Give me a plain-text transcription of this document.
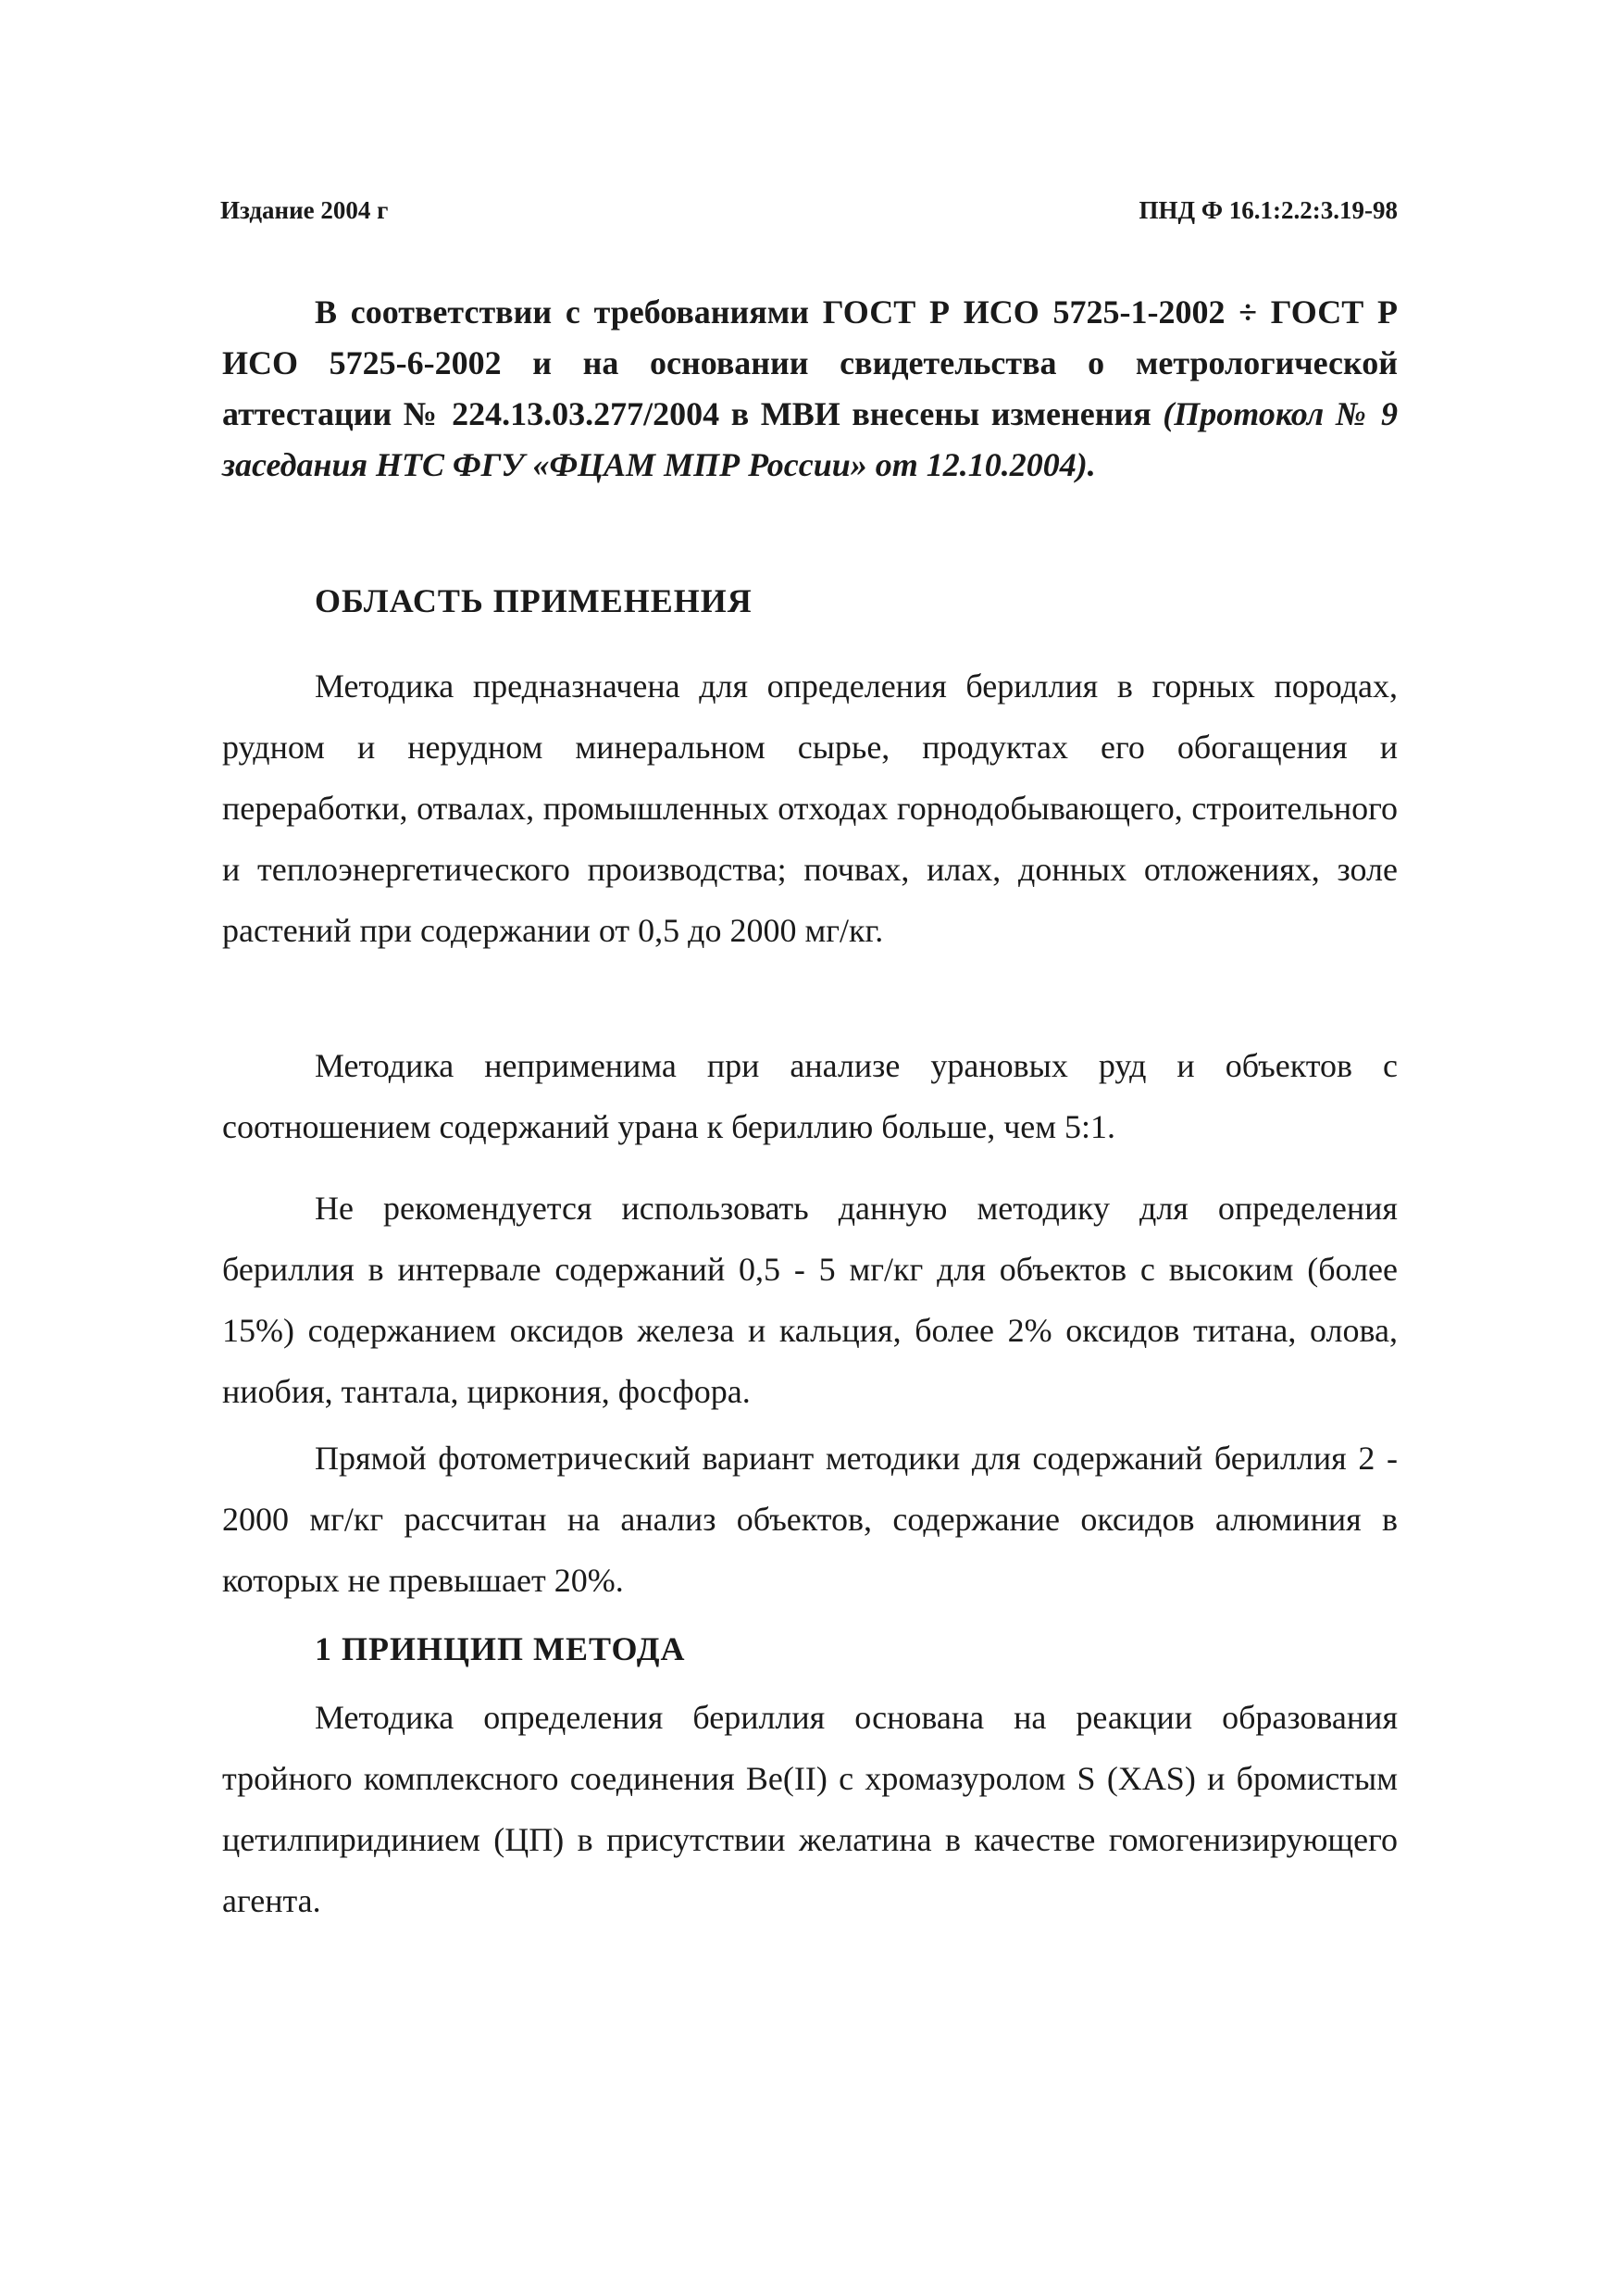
Издание 2004 г	ПНД Ф 16.1:2.2:3.19-98
В соответствии с требованиями ГОСТ Р ИСО 5725-1-2002 ÷ ГОСТ Р ИСО 5725-6-2002 и на основании свидетельства о метрологической аттестации № 224.13.03.277/2004 в МВИ внесены изменения (Протокол № 9 заседания НТС ФГУ «ФЦАМ МПР России» от 12.10.2004).
ОБЛАСТЬ ПРИМЕНЕНИЯ
Методика предназначена для определения бериллия в горных породах, рудном и нерудном минеральном сырье, продуктах его обогащения и переработки, отвалах, промышленных отходах горнодобывающего, строительного и теплоэнергетического производства; почвах, илах, донных отложениях, золе растений при содержании от 0,5 до 2000 мг/кг.
Методика неприменима при анализе урановых руд и объектов с соотношением содержаний урана к бериллию больше, чем 5:1.
Не рекомендуется использовать данную методику для определения бериллия в интервале содержаний 0,5 - 5 мг/кг для объектов с высоким (более 15%) содержанием оксидов железа и кальция, более 2% оксидов титана, олова, ниобия, тантала, циркония, фосфора.
Прямой фотометрический вариант методики для содержаний бериллия 2 - 2000 мг/кг рассчитан на анализ объектов, содержание оксидов алюминия в которых не превышает 20%.
1 ПРИНЦИП МЕТОДА
Методика определения бериллия основана на реакции образования тройного комплексного соединения Be(II) с хромазуролом S (XAS) и бромистым цетилпиридинием (ЦП) в присутствии желатина в качестве гомогенизирующего агента.
